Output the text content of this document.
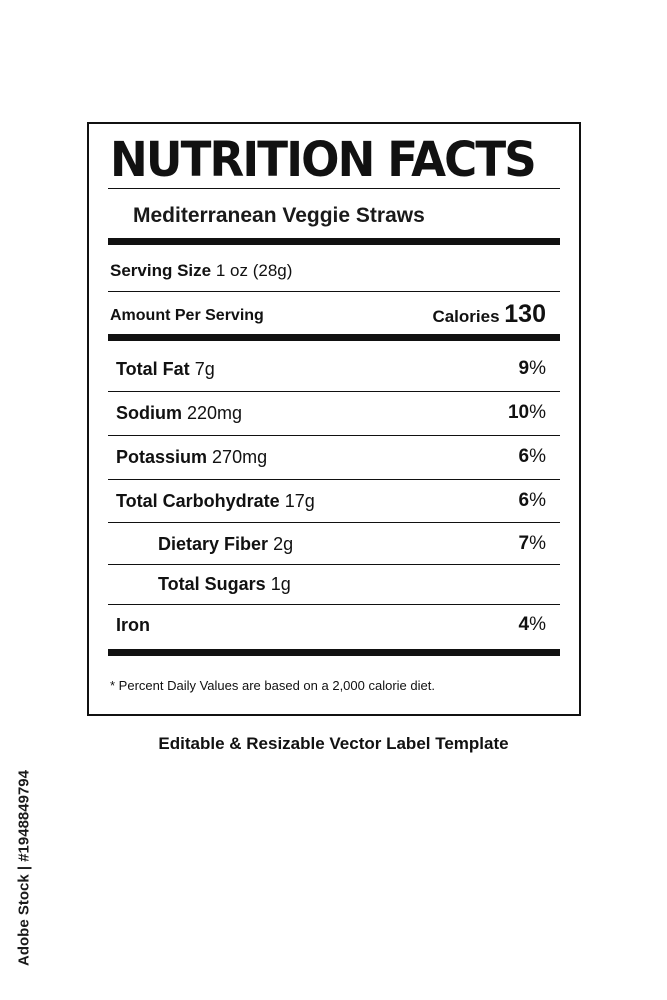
NUTRITION FACTS
Mediterranean Veggie Straws
Serving Size 1 oz (28g)
Amount Per Serving	Calories 130
* Percent Daily Values are based on a 2,000 calorie diet.
Total Fat 7g	9%
Sodium 220mg	10%
Potassium 270mg	6%
Total Carbohydrate 17g	6%
Dietary Fiber 2g	7%
Total Sugars 1g
Iron	4%
Editable & Resizable Vector Label Template
Adobe Stock | #1948849794
